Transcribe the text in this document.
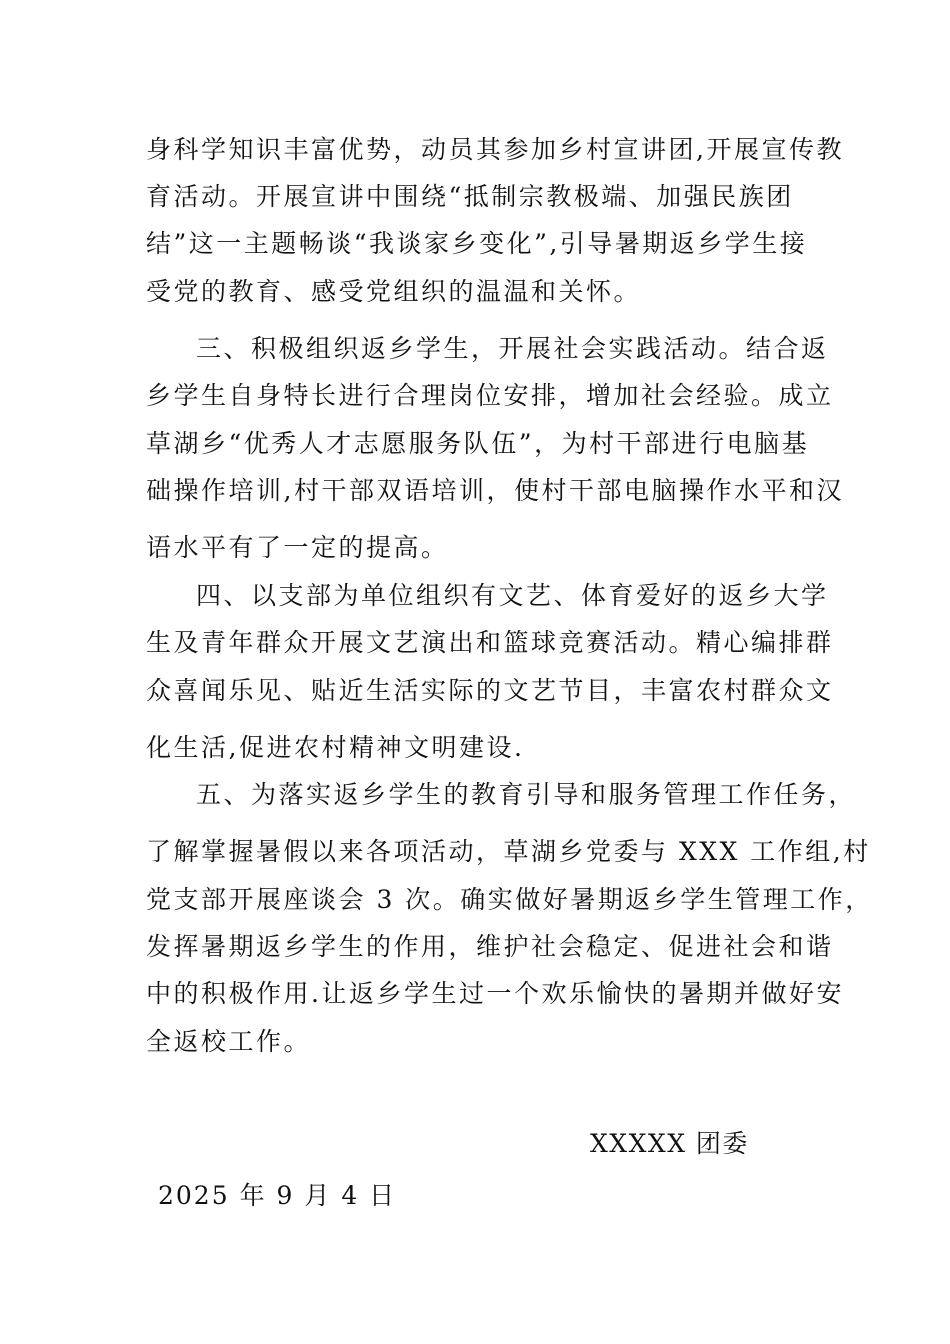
身科学知识丰富优势，动员其参加乡村宣讲团,开展宣传教
育活动。开展宣讲中围绕“抵制宗教极端、加强民族团
结”这一主题畅谈“我谈家乡变化”,引导暑期返乡学生接
受党的教育、感受党组织的温温和关怀。
三、积极组织返乡学生，开展社会实践活动。结合返
乡学生自身特长进行合理岗位安排，增加社会经验。成立
草湖乡“优秀人才志愿服务队伍”，为村干部进行电脑基
础操作培训,村干部双语培训，使村干部电脑操作水平和汉
语水平有了一定的提高。
四、以支部为单位组织有文艺、体育爱好的返乡大学
生及青年群众开展文艺演出和篮球竞赛活动。精心编排群
众喜闻乐见、贴近生活实际的文艺节目，丰富农村群众文
化生活,促进农村精神文明建设.
五、为落实返乡学生的教育引导和服务管理工作任务，
了解掌握暑假以来各项活动，草湖乡党委与 XXX 工作组,村
党支部开展座谈会 3 次。确实做好暑期返乡学生管理工作，
发挥暑期返乡学生的作用，维护社会稳定、促进社会和谐
中的积极作用.让返乡学生过一个欢乐愉快的暑期并做好安
全返校工作。
XXXXX 团委
2025 年 9 月 4 日
